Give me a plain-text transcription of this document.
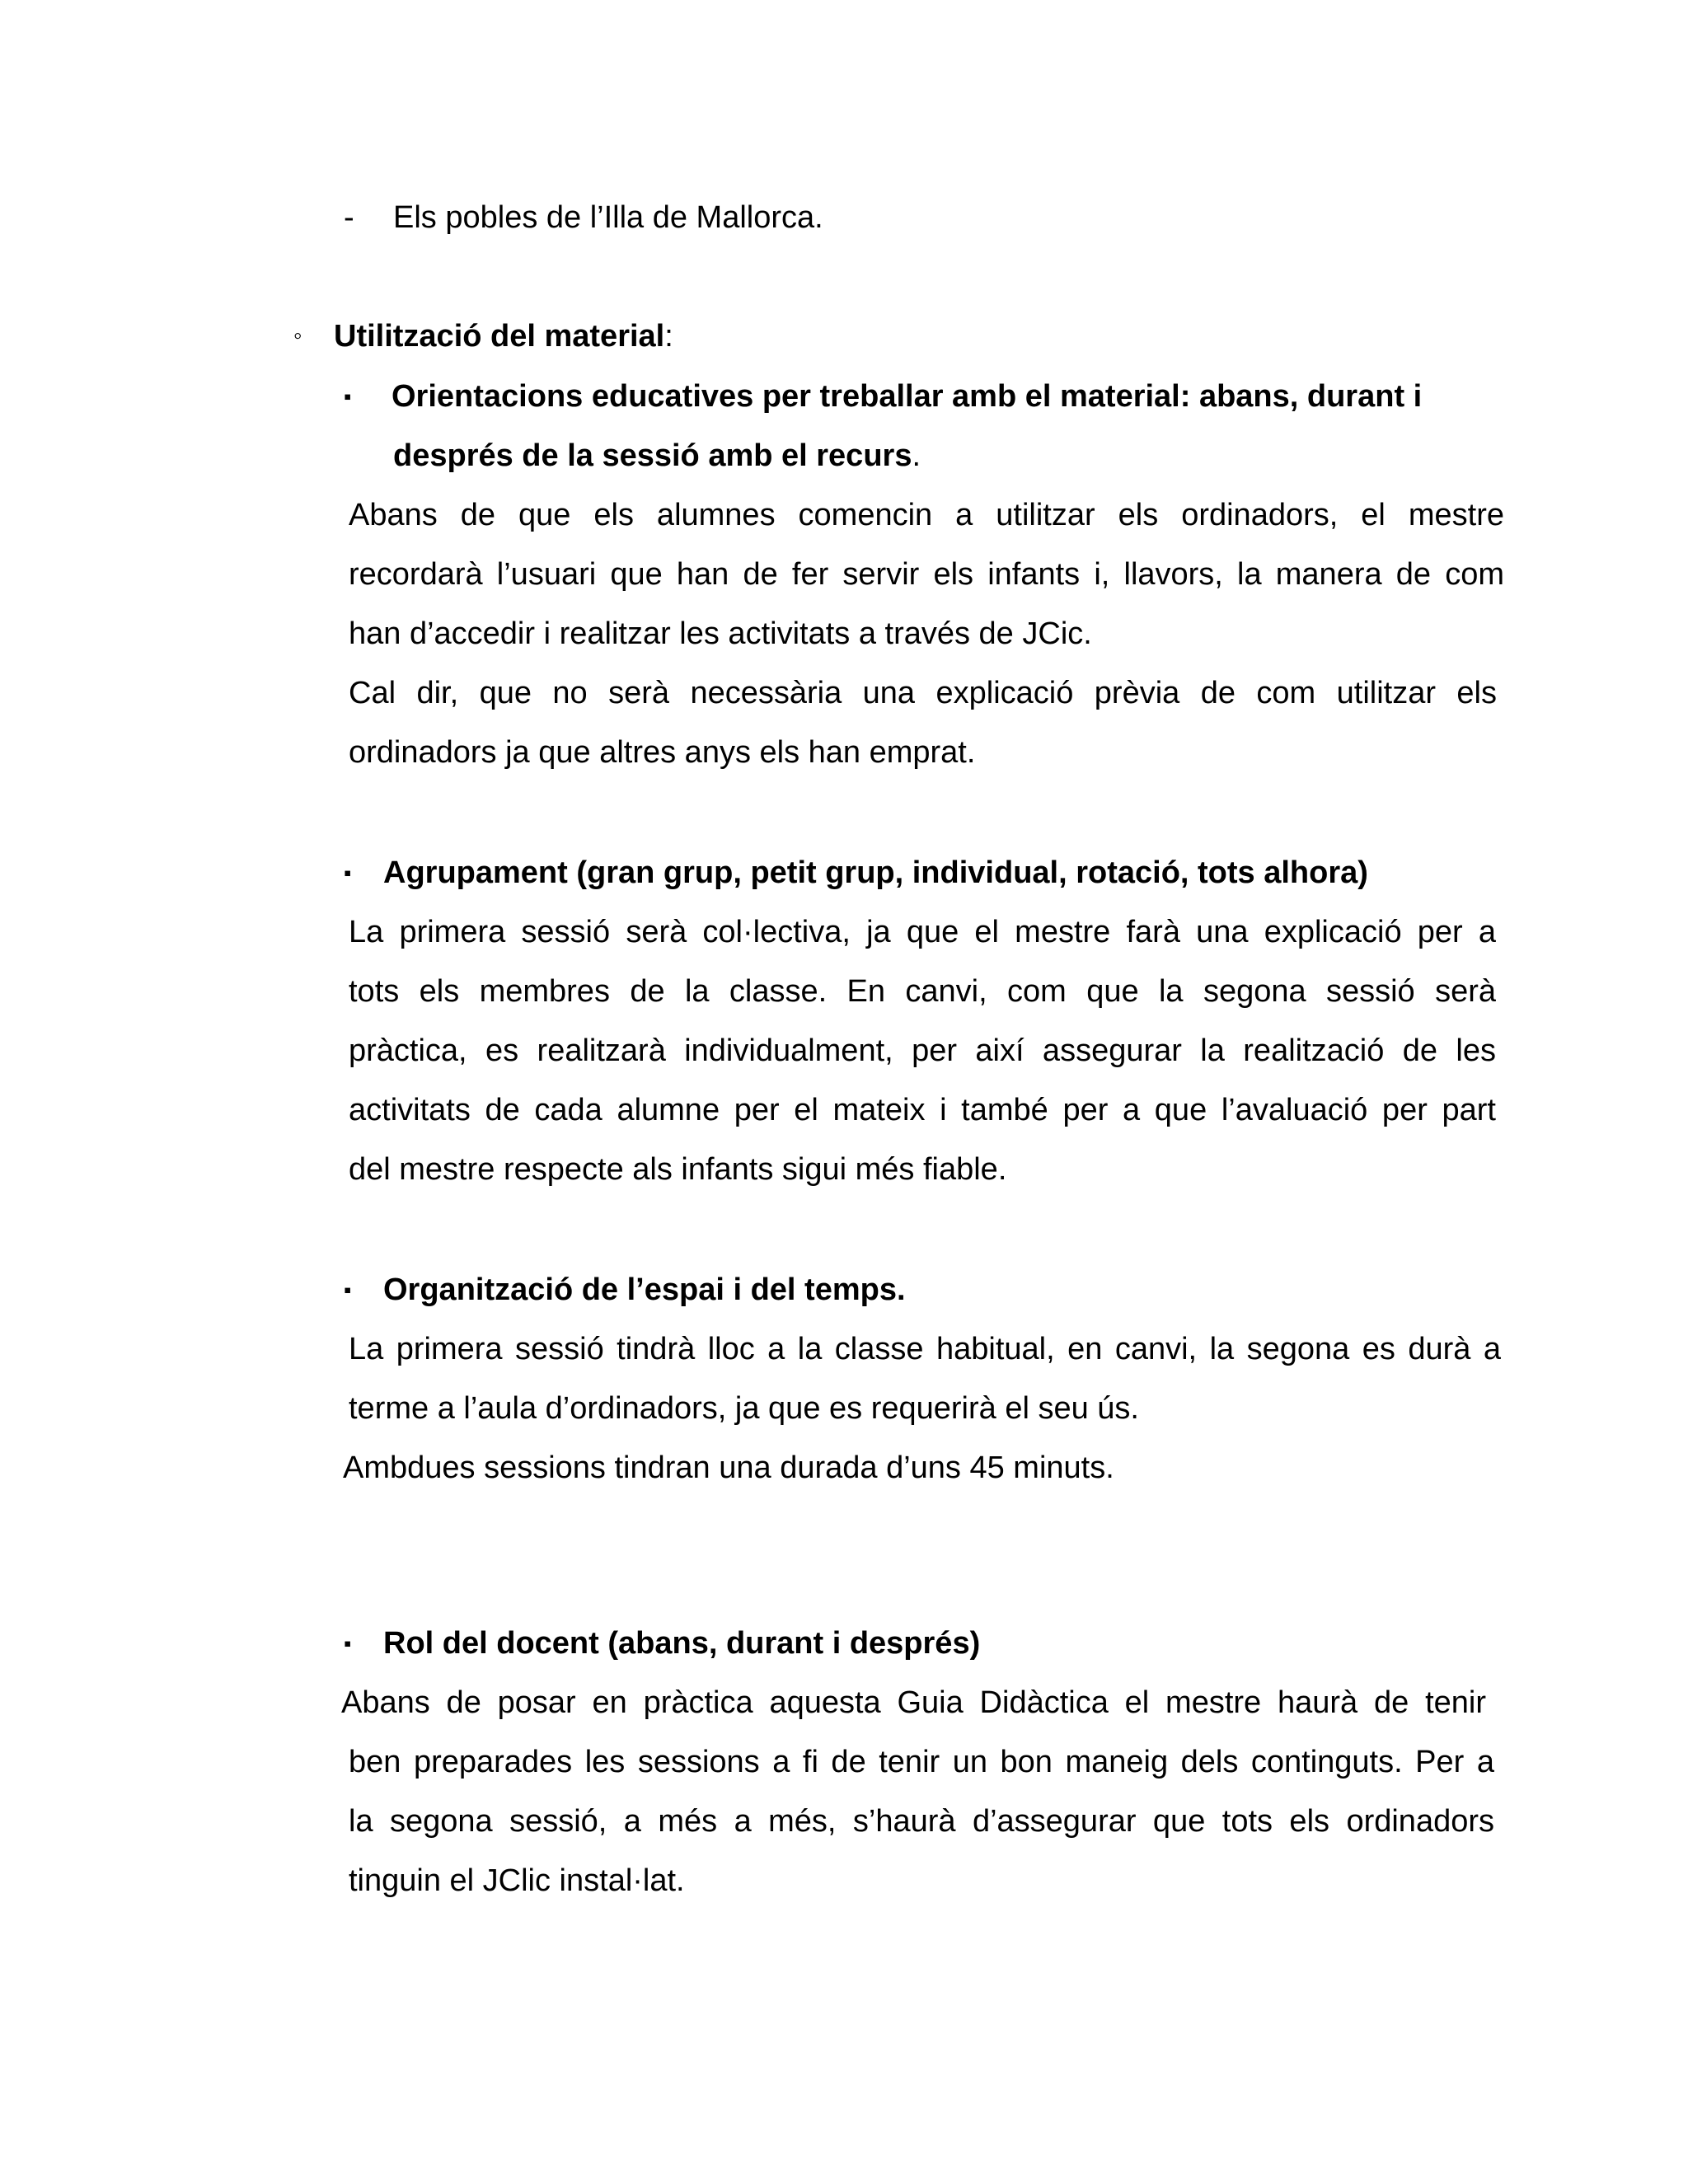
- Els pobles de l’Illa de Mallorca.
◦ Utilització del material:
▪ Orientacions educatives per treballar amb el material: abans, durant i
després de la sessió amb el recurs.
Abans de que els alumnes comencin a utilitzar els ordinadors, el mestre
recordarà l’usuari que han de fer servir els infants i, llavors, la manera de com
han d’accedir i realitzar les activitats a través de JCic.
Cal dir, que no serà necessària una explicació prèvia de com utilitzar els
ordinadors ja que altres anys els han emprat.
▪ Agrupament (gran grup, petit grup, individual, rotació, tots alhora)
La primera sessió serà col·lectiva, ja que el mestre farà una explicació per a
tots els membres de la classe. En canvi, com que la segona sessió serà
pràctica, es realitzarà individualment, per així assegurar la realització de les
activitats de cada alumne per el mateix i també per a que l’avaluació per part
del mestre respecte als infants sigui més fiable.
▪ Organització de l’espai i del temps.
La primera sessió tindrà lloc a la classe habitual, en canvi, la segona es durà a
terme a l’aula d’ordinadors, ja que es requerirà el seu ús.
Ambdues sessions tindran una durada d’uns 45 minuts.
▪ Rol del docent (abans, durant i després)
Abans de posar en pràctica aquesta Guia Didàctica el mestre haurà de tenir
ben preparades les sessions a fi de tenir un bon maneig dels continguts. Per a
la segona sessió, a més a més, s’haurà d’assegurar que tots els ordinadors
tinguin el JClic instal·lat.
